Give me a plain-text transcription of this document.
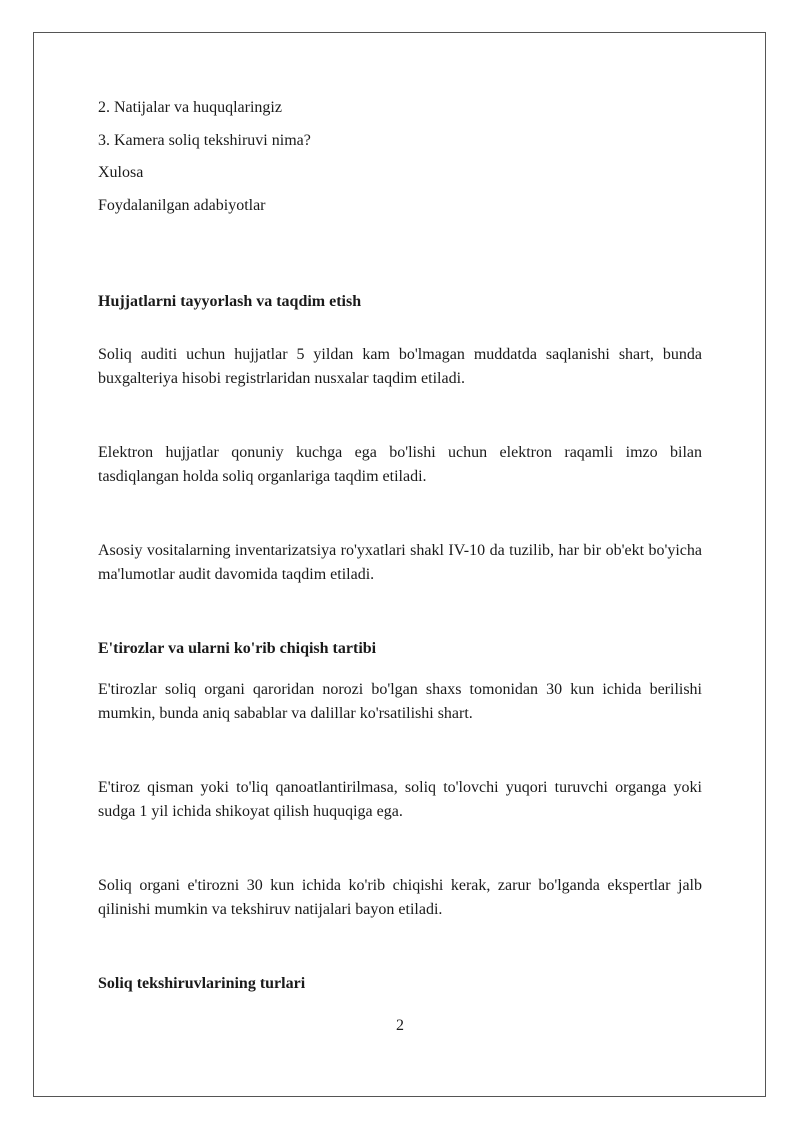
2. Natijalar va huquqlaringiz
3. Kamera soliq tekshiruvi nima?
Xulosa
Foydalanilgan adabiyotlar
Hujjatlarni tayyorlash va taqdim etish
Soliq auditi uchun hujjatlar 5 yildan kam bo'lmagan muddatda saqlanishi shart, bunda buxgalteriya hisobi registrlaridan nusxalar taqdim etiladi.
Elektron hujjatlar qonuniy kuchga ega bo'lishi uchun elektron raqamli imzo bilan tasdiqlangan holda soliq organlariga taqdim etiladi.
Asosiy vositalarning inventarizatsiya ro'yxatlari shakl IV-10 da tuzilib, har bir ob'ekt bo'yicha ma'lumotlar audit davomida taqdim etiladi.
E'tirozlar va ularni ko'rib chiqish tartibi
E'tirozlar soliq organi qaroridan norozi bo'lgan shaxs tomonidan 30 kun ichida berilishi mumkin, bunda aniq sabablar va dalillar ko'rsatilishi shart.
E'tiroz qisman yoki to'liq qanoatlantirilmasa, soliq to'lovchi yuqori turuvchi organga yoki sudga 1 yil ichida shikoyat qilish huquqiga ega.
Soliq organi e'tirozni 30 kun ichida ko'rib chiqishi kerak, zarur bo'lganda ekspertlar jalb qilinishi mumkin va tekshiruv natijalari bayon etiladi.
Soliq tekshiruvlarining turlari
2
